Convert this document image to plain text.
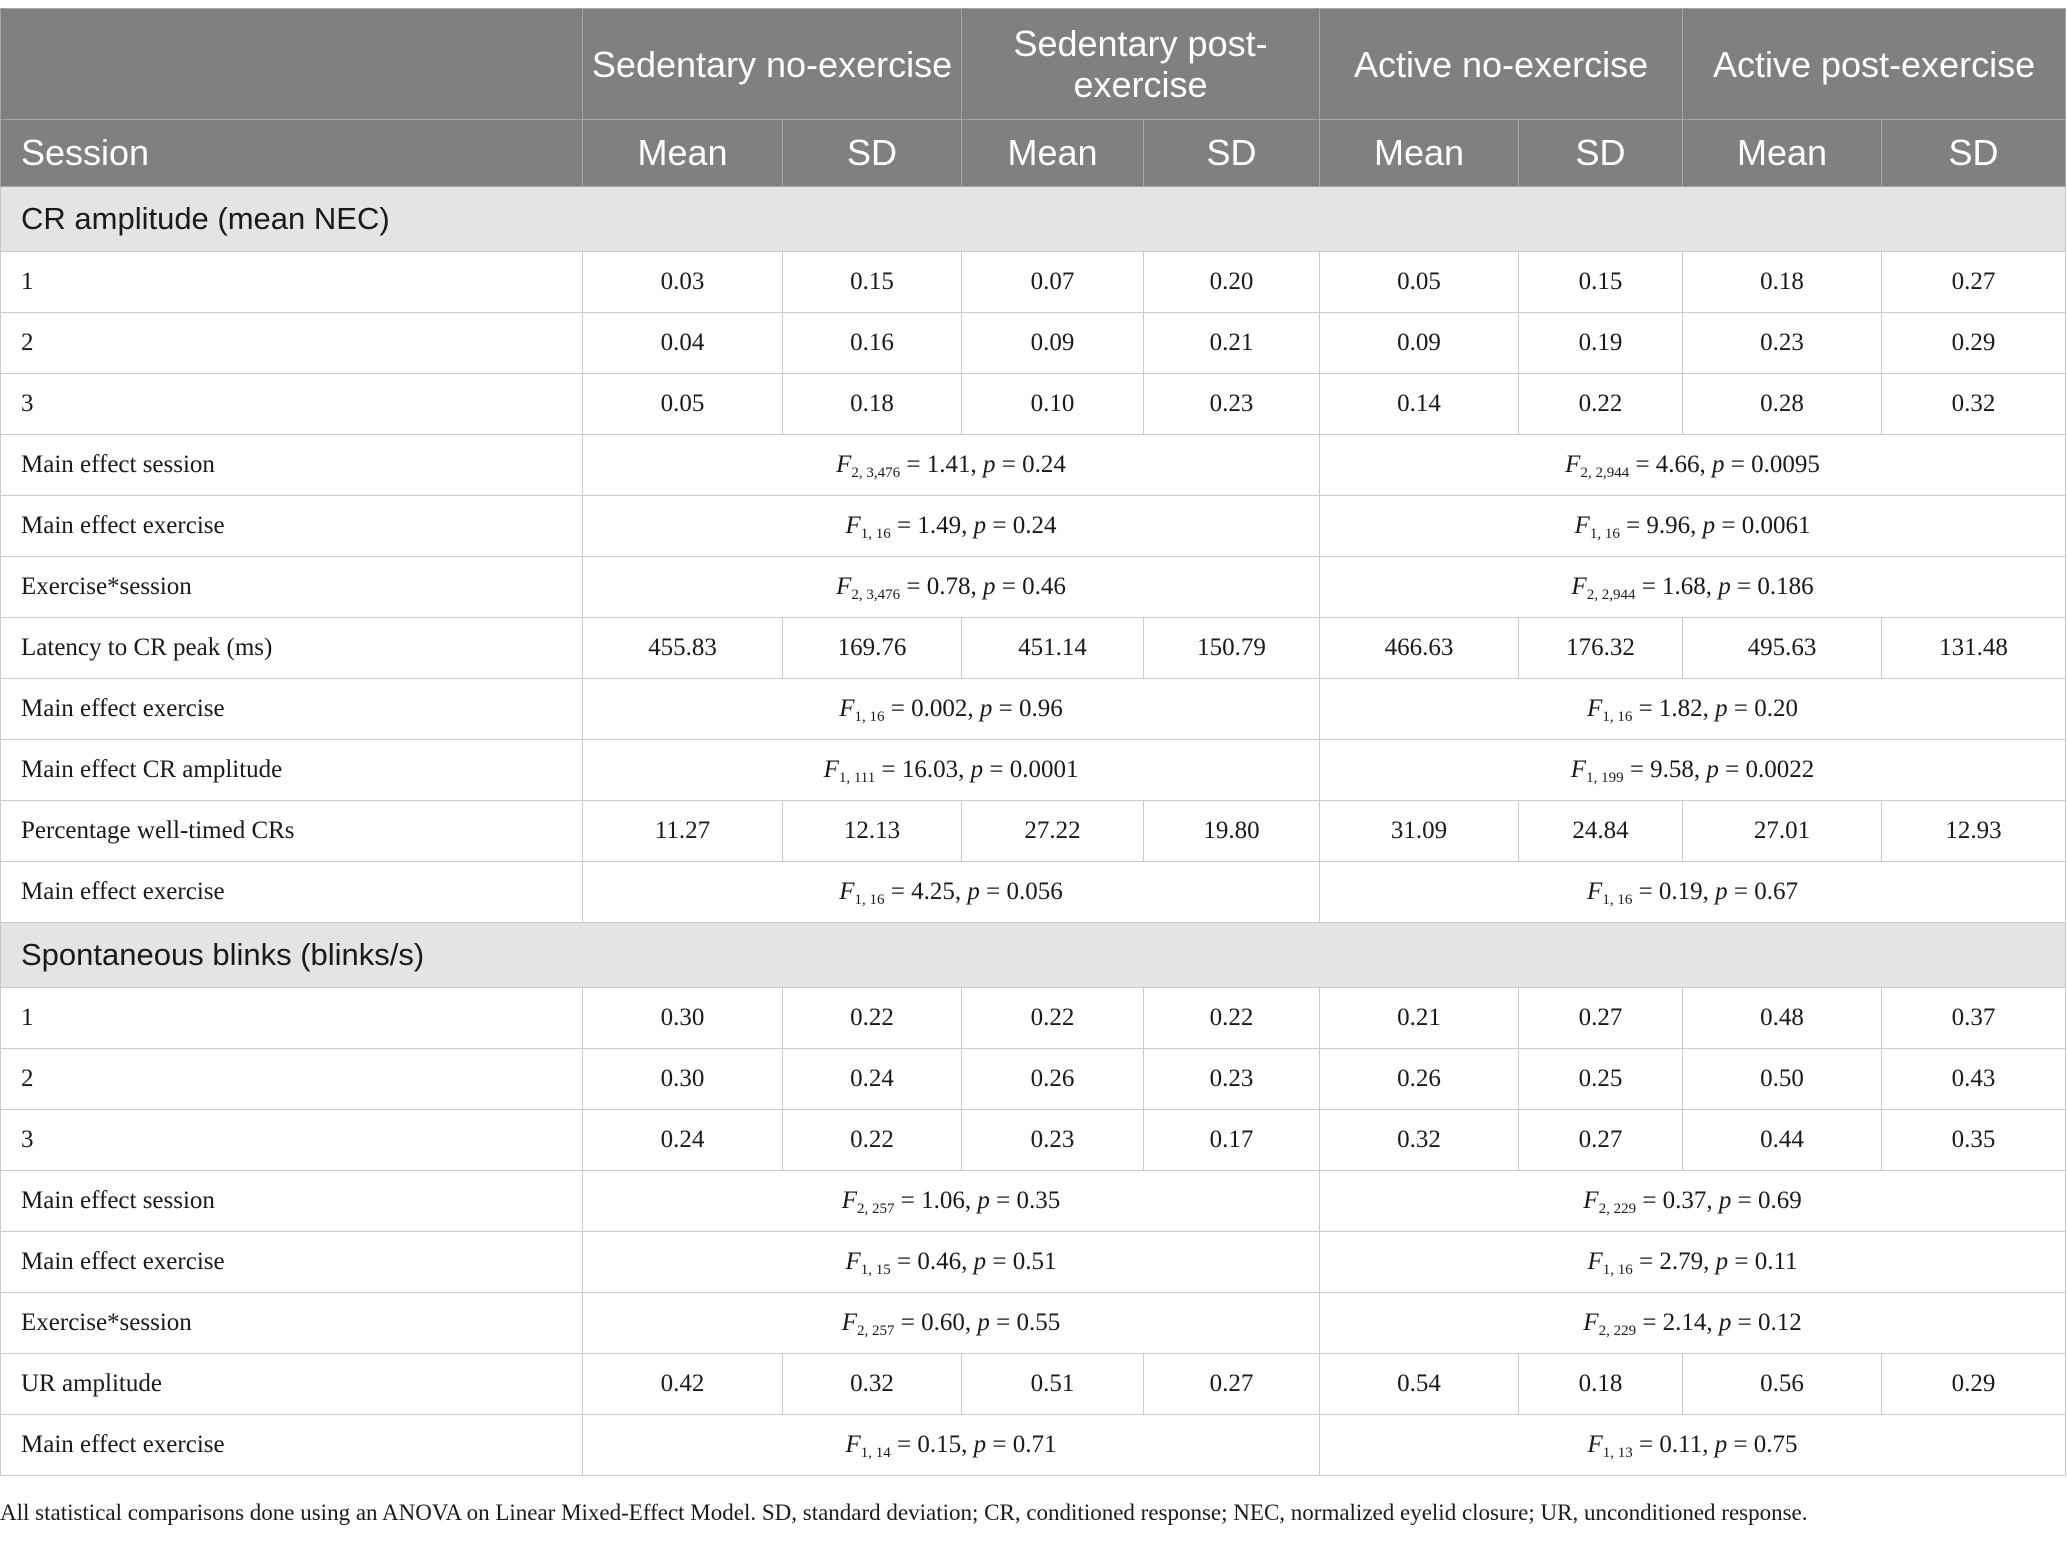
	Sedentary no-exercise		Sedentary post-exercise		Active no-exercise		Active post-exercise	
Session	Mean	SD	Mean	SD	Mean	SD	Mean	SD
CR amplitude (mean NEC)								
1	0.03	0.15	0.07	0.20	0.05	0.15	0.18	0.27
2	0.04	0.16	0.09	0.21	0.09	0.19	0.23	0.29
3	0.05	0.18	0.10	0.23	0.14	0.22	0.28	0.32
Main effect session	$F_{2, 3,476} = 1.41$, p = 0.24				$F_{2, 2,944} = 4.66$, p = 0.0095			
Main effect exercise	$F_{1, 16} = 1.49$, p = 0.24				$F_{1, 16} = 9.96$, p = 0.0061			
Exercise*session	$F_{2, 3,476} = 0.78$, p = 0.46				$F_{2, 2,944} = 1.68$, p = 0.186			
Latency to CR peak (ms)	455.83	169.76	451.14	150.79	466.63	176.32	495.63	131.48
Main effect exercise	$F_{1, 16} = 0.002$, p = 0.96				$F_{1, 16} = 1.82$, p = 0.20			
Main effect CR amplitude	$F_{1, 111} = 16.03$, p = 0.0001				$F_{1, 199} = 9.58$, p = 0.0022			
Percentage well-timed CRs	11.27	12.13	27.22	19.80	31.09	24.84	27.01	12.93
Main effect exercise	$F_{1, 16} = 4.25$, p = 0.056				$F_{1, 16} = 0.19$, p = 0.67			
Spontaneous blinks (blinks/s)								
1	0.30	0.22	0.22	0.22	0.21	0.27	0.48	0.37
2	0.30	0.24	0.26	0.23	0.26	0.25	0.50	0.43
3	0.24	0.22	0.23	0.17	0.32	0.27	0.44	0.35
Main effect session	$F_{2, 257} = 1.06$, p = 0.35				$F_{2, 229} = 0.37$, p = 0.69			
Main effect exercise	$F_{1, 15} = 0.46$, p = 0.51				$F_{1, 16} = 2.79$, p = 0.11			
Exercise*session	$F_{2, 257} = 0.60$, p = 0.55				$F_{2, 229} = 2.14$, p = 0.12			
UR amplitude	0.42	0.32	0.51	0.27	0.54	0.18	0.56	0.29
Main effect exercise	$F_{1, 14} = 0.15$, p = 0.71				$F_{1, 13} = 0.11$, p = 0.75			
All statistical comparisons done using an ANOVA on Linear Mixed-Effect Model. SD, standard deviation; CR, conditioned response; NEC, normalized eyelid closure; UR, unconditioned response.
